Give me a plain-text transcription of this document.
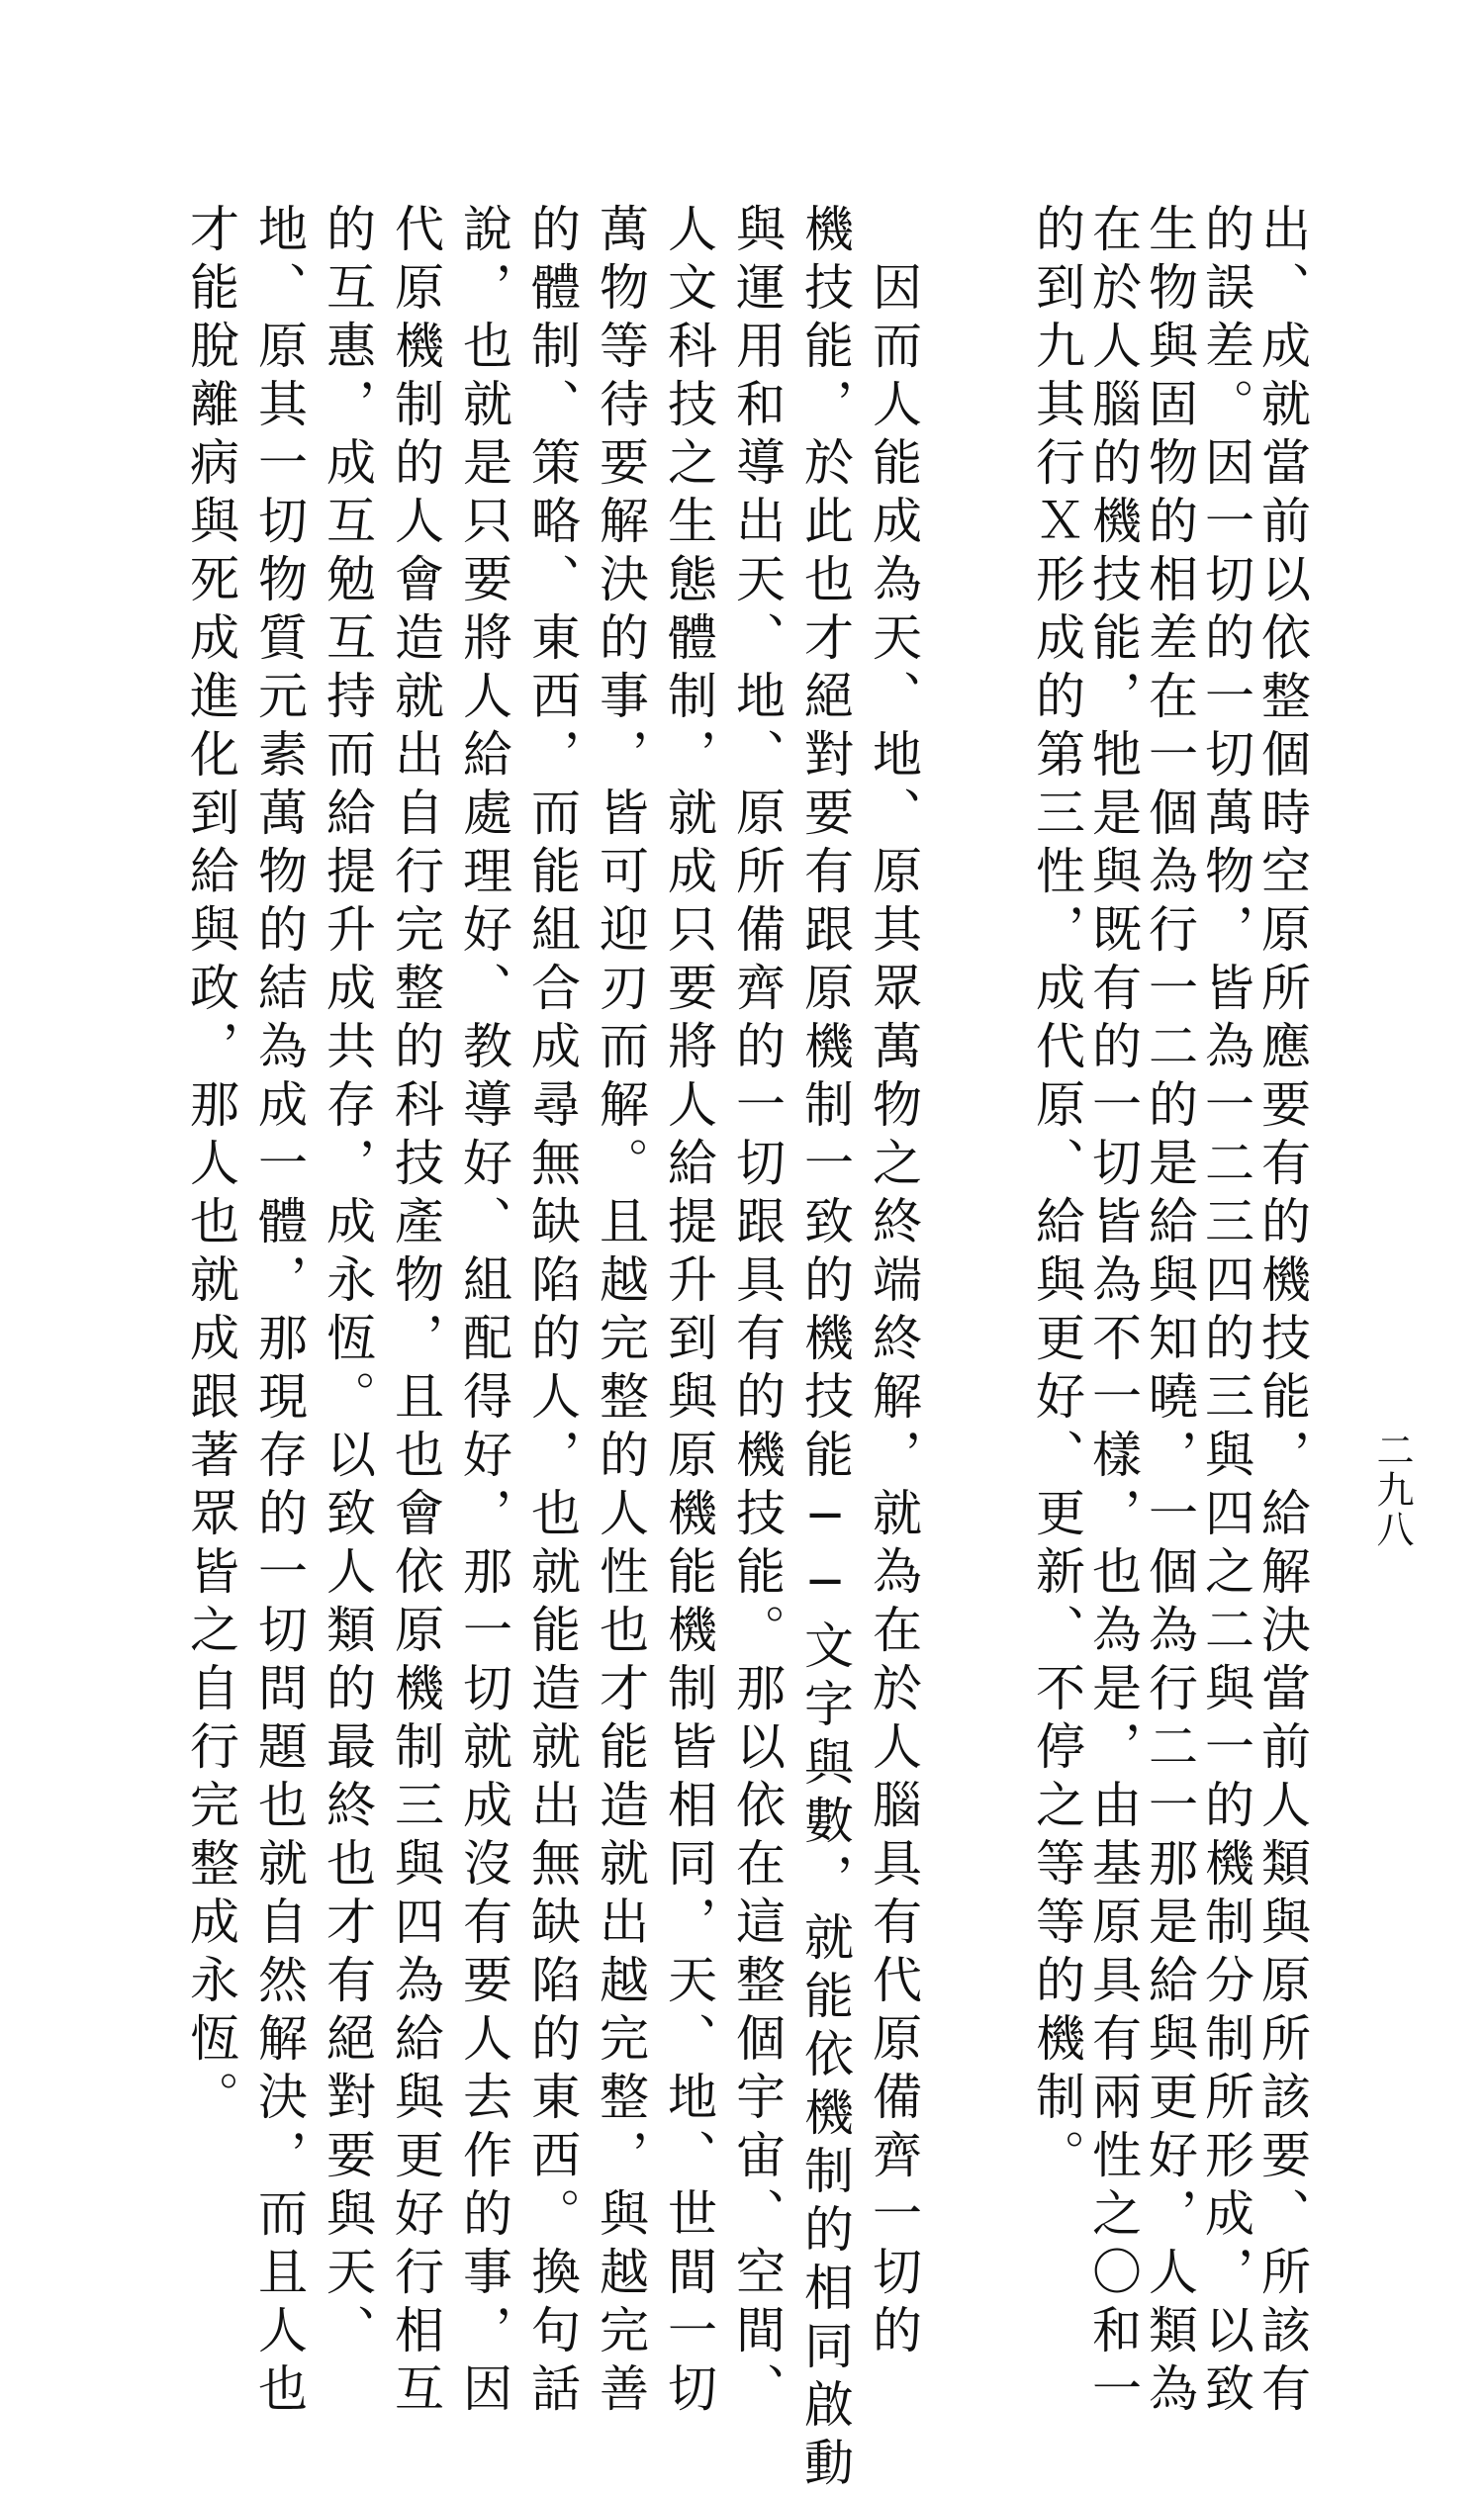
二九八
出、成就當前以依整個時空原所應要有的機技能，給解決當前人類與原所該要、所該有
的誤差。因一切的一切萬物，皆為一二三四的三與四之二與一的機制分制所形成，以致
生物與固物的相差在一個為行一二的是給與知曉，一個為行二一那是給與更好，人類為
在於人腦的機技能，牠是與既有的一切皆為不一樣，也為是，由基原具有兩性之〇和一
的到九其行Ｘ形成的第三性，成代原、給與更好、更新、不停之等等的機制。
　因而人能成為天、地、原其眾萬物之終端終解，就為在於人腦具有代原備齊一切的
機技能，於此也才絕對要有跟原機制一致的機技能──文字與數，就能依機制的相同啟動
與運用和導出天、地、原所備齊的一切跟具有的機技能。那以依在這整個宇宙、空間、
人文科技之生態體制，就成只要將人給提升到與原機能機制皆相同，天、地、世間一切
萬物等待要解決的事，皆可迎刃而解。且越完整的人性也才能造就出越完整，與越完善
的體制、策略、東西，而能組合成尋無缺陷的人，也就能造就出無缺陷的東西。換句話
說，也就是只要將人給處理好、教導好、組配得好，那一切就成沒有要人去作的事，因
代原機制的人會造就出自行完整的科技產物，且也會依原機制三與四為給與更好行相互
的互惠，成互勉互持而給提升成共存，成永恆。以致人類的最終也才有絕對要與天、
地、原其一切物質元素萬物的結為成一體，那現存的一切問題也就自然解決，而且人也
才能脫離病與死成進化到給與政，那人也就成跟著眾皆之自行完整成永恆。
